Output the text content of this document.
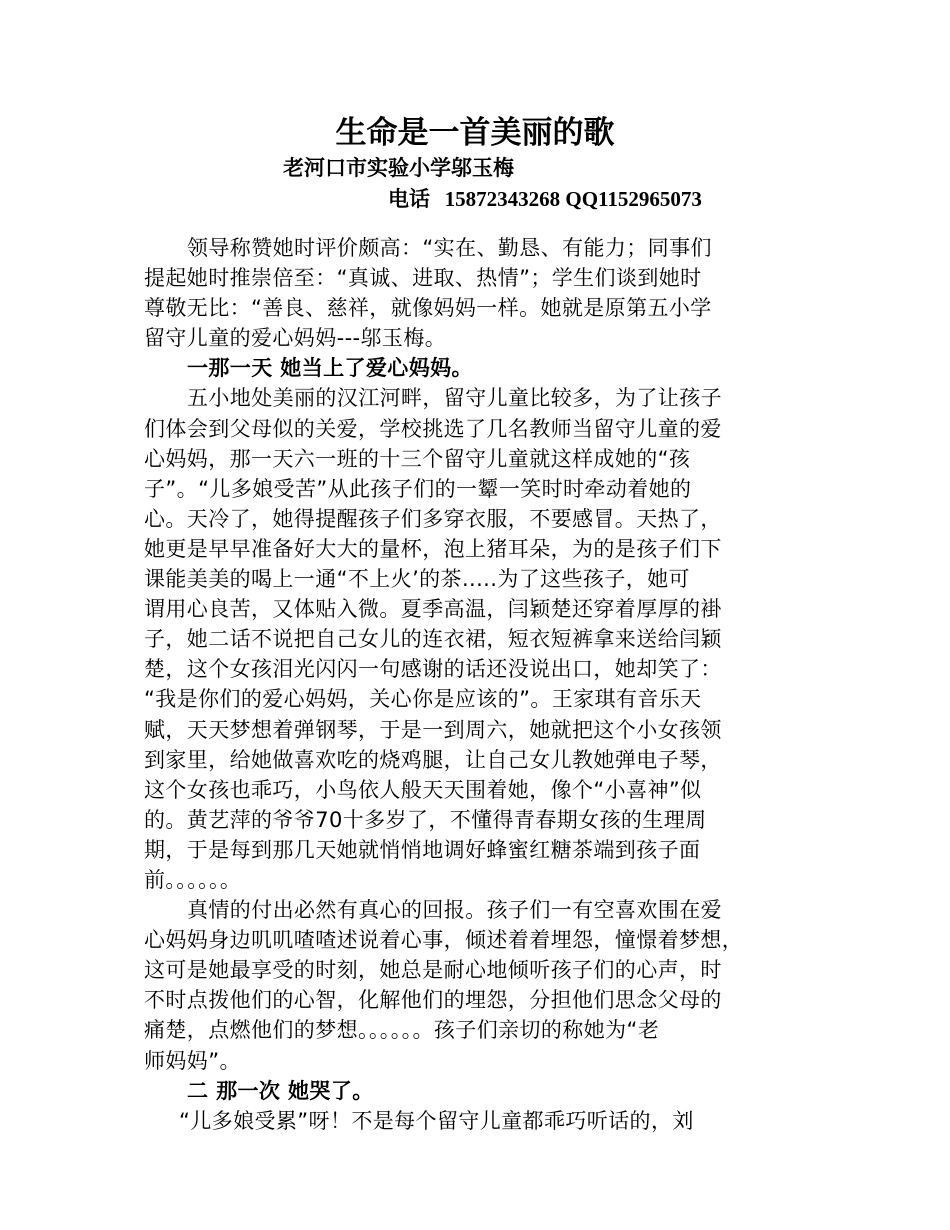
生命是一首美丽的歌

老河口市实验小学邬玉梅

电话 15872343268 QQ1152965073

领导称赞她时评价颇高：“实在、勤恳、有能力；同事们
提起她时推崇倍至：“真诚、进取、热情”；学生们谈到她时
尊敬无比：“善良、慈祥，就像妈妈一样。她就是原第五小学
留守儿童的爱心妈妈---邬玉梅。
一那一天 她当上了爱心妈妈。
五小地处美丽的汉江河畔，留守儿童比较多，为了让孩子
们体会到父母似的关爱，学校挑选了几名教师当留守儿童的爱
心妈妈，那一天六一班的十三个留守儿童就这样成她的“孩
子”。“儿多娘受苦”从此孩子们的一颦一笑时时牵动着她的
心。天冷了，她得提醒孩子们多穿衣服，不要感冒。天热了，
她更是早早准备好大大的量杯，泡上猪耳朵，为的是孩子们下
课能美美的喝上一通“不上火’的茶.....为了这些孩子，她可
谓用心良苦，又体贴入微。夏季高温，闫颖楚还穿着厚厚的褂
子，她二话不说把自己女儿的连衣裙，短衣短裤拿来送给闫颖
楚，这个女孩泪光闪闪一句感谢的话还没说出口，她却笑了：
“我是你们的爱心妈妈，关心你是应该的”。王家琪有音乐天
赋，天天梦想着弹钢琴，于是一到周六，她就把这个小女孩领
到家里，给她做喜欢吃的烧鸡腿，让自己女儿教她弹电子琴，
这个女孩也乖巧，小鸟依人般天天围着她，像个“小喜神”似
的。黄艺萍的爷爷70十多岁了，不懂得青春期女孩的生理周
期，于是每到那几天她就悄悄地调好蜂蜜红糖茶端到孩子面
前。。。。。。
真情的付出必然有真心的回报。孩子们一有空喜欢围在爱
心妈妈身边叽叽喳喳述说着心事，倾述着着埋怨，憧憬着梦想，
这可是她最享受的时刻，她总是耐心地倾听孩子们的心声，时
不时点拨他们的心智，化解他们的埋怨，分担他们思念父母的
痛楚，点燃他们的梦想。。。。。。孩子们亲切的称她为“老
师妈妈”。
二 那一次 她哭了。
“儿多娘受累”呀！不是每个留守儿童都乖巧听话的，刘
